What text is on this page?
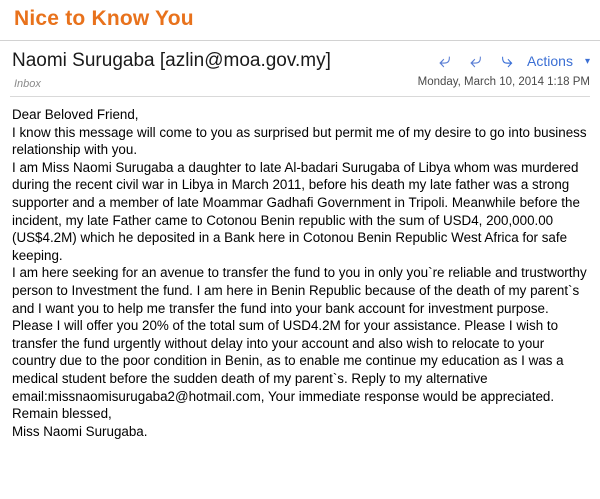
Nice to Know You
Naomi Surugaba [azlin@moa.gov.my]
Inbox
⤶ ⤶ ⤷	Actions ▾
Monday, March 10, 2014 1:18 PM

Dear Beloved Friend,

I know this message will come to you as surprised but permit me of my desire to go into business relationship with you.

I am Miss Naomi Surugaba a daughter to late Al-badari Surugaba of Libya whom was murdered during the recent civil war in Libya in March 2011, before his death my late father was a strong supporter and a member of late Moammar Gadhafi Government in Tripoli. Meanwhile before the incident, my late Father came to Cotonou Benin republic with the sum of USD4, 200,000.00 (US$4.2M) which he deposited in a Bank here in Cotonou Benin Republic West Africa for safe keeping.

I am here seeking for an avenue to transfer the fund to you in only you`re reliable and trustworthy person to Investment the fund. I am here in Benin Republic because of the death of my parent`s and I want you to help me transfer the fund into your bank account for investment purpose.

Please I will offer you 20% of the total sum of USD4.2M for your assistance. Please I wish to transfer the fund urgently without delay into your account and also wish to relocate to your country due to the poor condition in Benin, as to enable me continue my education as I was a medical student before the sudden death of my parent`s. Reply to my alternative email:missnaomisurugaba2@hotmail.com, Your immediate response would be appreciated.

Remain blessed,

Miss Naomi Surugaba.
